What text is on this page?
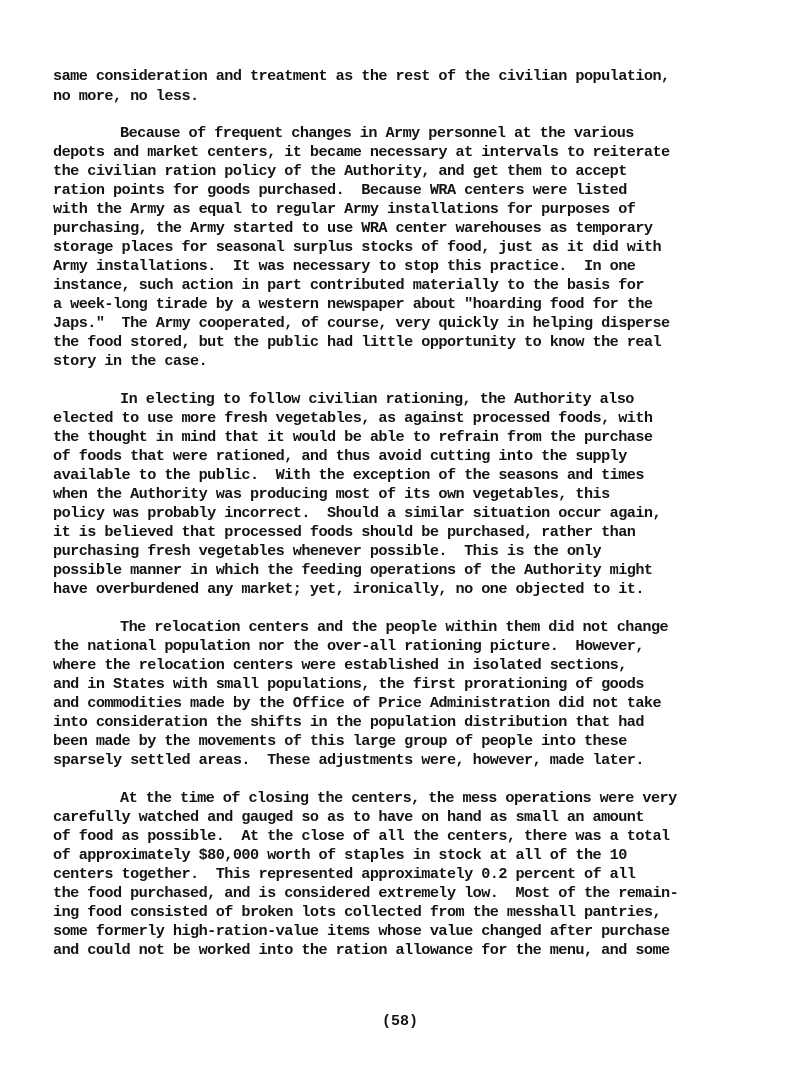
same consideration and treatment as the rest of the civilian population,
no more, no less.
Because of frequent changes in Army personnel at the various
depots and market centers, it became necessary at intervals to reiterate
the civilian ration policy of the Authority, and get them to accept
ration points for goods purchased.  Because WRA centers were listed
with the Army as equal to regular Army installations for purposes of
purchasing, the Army started to use WRA center warehouses as temporary
storage places for seasonal surplus stocks of food, just as it did with
Army installations.  It was necessary to stop this practice.  In one
instance, such action in part contributed materially to the basis for
a week-long tirade by a western newspaper about "hoarding food for the
Japs."  The Army cooperated, of course, very quickly in helping disperse
the food stored, but the public had little opportunity to know the real
story in the case.
In electing to follow civilian rationing, the Authority also
elected to use more fresh vegetables, as against processed foods, with
the thought in mind that it would be able to refrain from the purchase
of foods that were rationed, and thus avoid cutting into the supply
available to the public.  With the exception of the seasons and times
when the Authority was producing most of its own vegetables, this
policy was probably incorrect.  Should a similar situation occur again,
it is believed that processed foods should be purchased, rather than
purchasing fresh vegetables whenever possible.  This is the only
possible manner in which the feeding operations of the Authority might
have overburdened any market; yet, ironically, no one objected to it.
The relocation centers and the people within them did not change
the national population nor the over-all rationing picture.  However,
where the relocation centers were established in isolated sections,
and in States with small populations, the first prorationing of goods
and commodities made by the Office of Price Administration did not take
into consideration the shifts in the population distribution that had
been made by the movements of this large group of people into these
sparsely settled areas.  These adjustments were, however, made later.
At the time of closing the centers, the mess operations were very
carefully watched and gauged so as to have on hand as small an amount
of food as possible.  At the close of all the centers, there was a total
of approximately $80,000 worth of staples in stock at all of the 10
centers together.  This represented approximately 0.2 percent of all
the food purchased, and is considered extremely low.  Most of the remain-
ing food consisted of broken lots collected from the messhall pantries,
some formerly high-ration-value items whose value changed after purchase
and could not be worked into the ration allowance for the menu, and some
(58)
